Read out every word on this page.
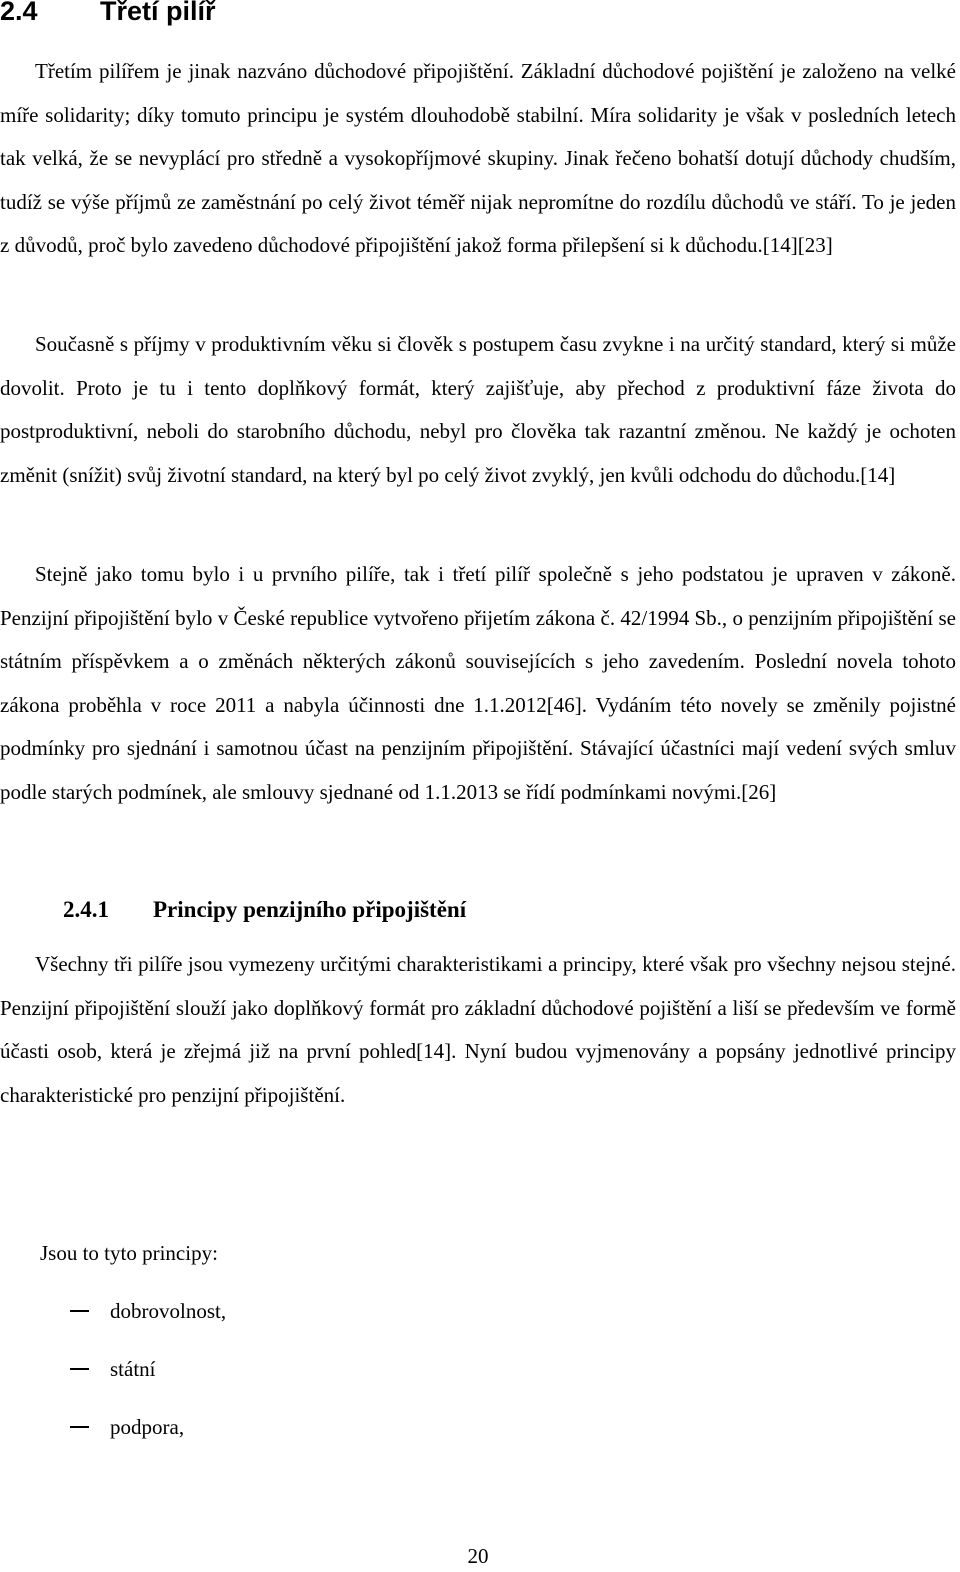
2.4 Třetí pilíř

Třetím pilířem je jinak nazváno důchodové připojištění. Základní důchodové pojištění je založeno na velké míře solidarity; díky tomuto principu je systém dlouhodobě stabilní. Míra solidarity je však v posledních letech tak velká, že se nevyplácí pro středně a vysokopříjmové skupiny. Jinak řečeno bohatší dotují důchody chudším, tudíž se výše příjmů ze zaměstnání po celý život téměř nijak nepromítne do rozdílu důchodů ve stáří. To je jeden z důvodů, proč bylo zavedeno důchodové připojištění jakož forma přilepšení si k důchodu.[14][23]

Současně s příjmy v produktivním věku si člověk s postupem času zvykne i na určitý standard, který si může dovolit. Proto je tu i tento doplňkový formát, který zajišťuje, aby přechod z produktivní fáze života do postproduktivní, neboli do starobního důchodu, nebyl pro člověka tak razantní změnou. Ne každý je ochoten změnit (snížit) svůj životní standard, na který byl po celý život zvyklý, jen kvůli odchodu do důchodu.[14]

Stejně jako tomu bylo i u prvního pilíře, tak i třetí pilíř společně s jeho podstatou je upraven v zákoně. Penzijní připojištění bylo v České republice vytvořeno přijetím zákona č. 42/1994 Sb., o penzijním připojištění se státním příspěvkem a o změnách některých zákonů souvisejících s jeho zavedením. Poslední novela tohoto zákona proběhla v roce 2011 a nabyla účinnosti dne 1.1.2012[46]. Vydáním této novely se změnily pojistné podmínky pro sjednání i samotnou účast na penzijním připojištění. Stávající účastníci mají vedení svých smluv podle starých podmínek, ale smlouvy sjednané od 1.1.2013 se řídí podmínkami novými.[26]

2.4.1 Principy penzijního připojištění

Všechny tři pilíře jsou vymezeny určitými charakteristikami a principy, které však pro všechny nejsou stejné. Penzijní připojištění slouží jako doplňkový formát pro základní důchodové pojištění a liší se především ve formě účasti osob, která je zřejmá již na první pohled[14]. Nyní budou vyjmenovány a popsány jednotlivé principy charakteristické pro penzijní připojištění.

Jsou to tyto principy:

dobrovolnost,
státní
podpora,
20
